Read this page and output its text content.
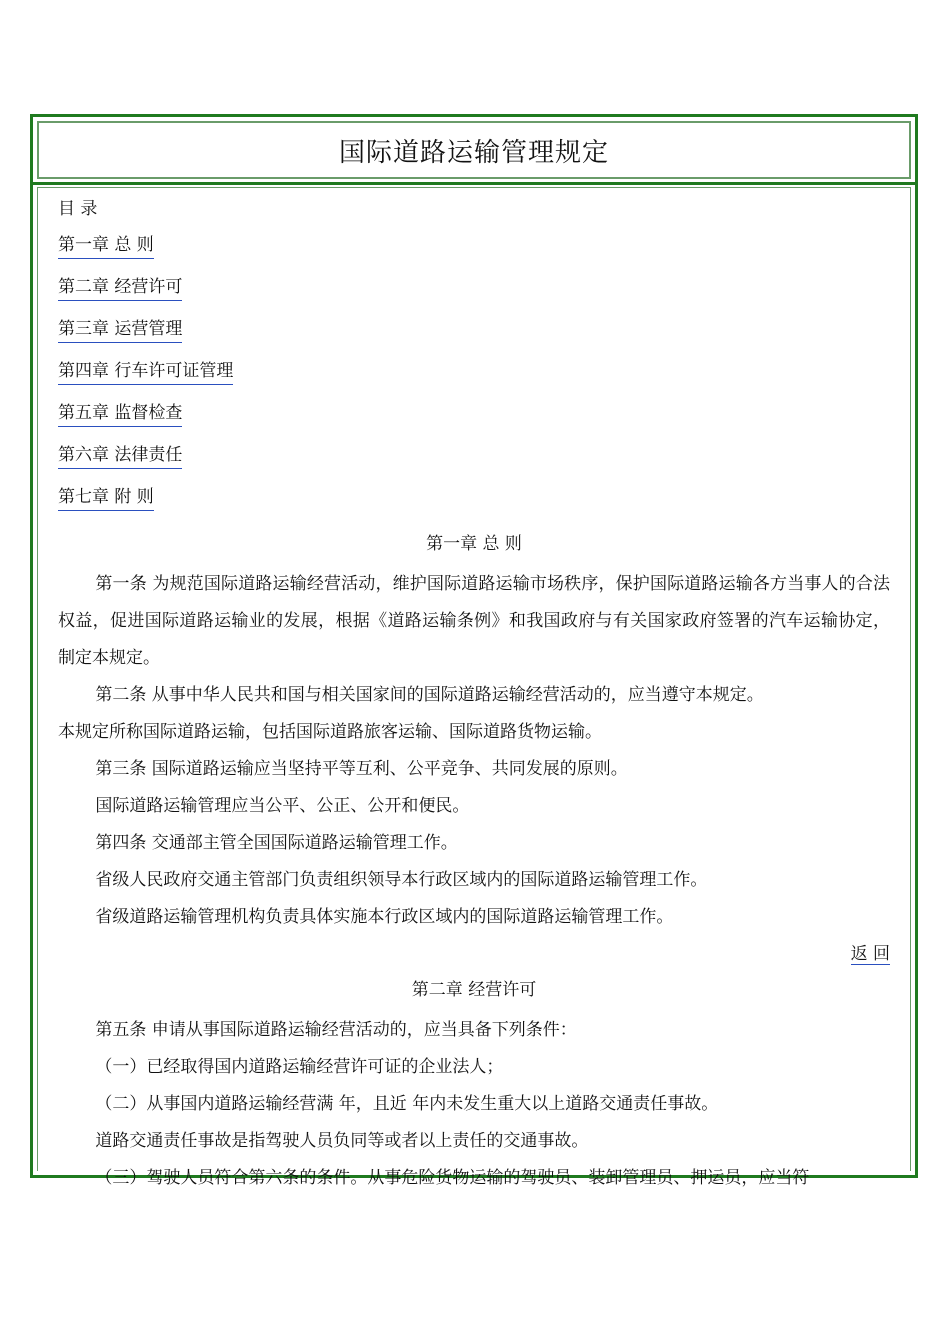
国际道路运输管理规定
目 录
第一章 总 则
第二章 经营许可
第三章 运营管理
第四章 行车许可证管理
第五章 监督检查
第六章 法律责任
第七章 附 则
第一章 总 则

第一条 为规范国际道路运输经营活动，维护国际道路运输市场秩序，保护国际道路运输各方当事人的合法权益，促进国际道路运输业的发展，根据《道路运输条例》和我国政府与有关国家政府签署的汽车运输协定，制定本规定。

第二条 从事中华人民共和国与相关国家间的国际道路运输经营活动的，应当遵守本规定。

本规定所称国际道路运输，包括国际道路旅客运输、国际道路货物运输。

第三条 国际道路运输应当坚持平等互利、公平竞争、共同发展的原则。

国际道路运输管理应当公平、公正、公开和便民。

第四条 交通部主管全国国际道路运输管理工作。

省级人民政府交通主管部门负责组织领导本行政区域内的国际道路运输管理工作。

省级道路运输管理机构负责具体实施本行政区域内的国际道路运输管理工作。

返 回
第二章 经营许可

第五条 申请从事国际道路运输经营活动的，应当具备下列条件：

（一）已经取得国内道路运输经营许可证的企业法人；

（二）从事国内道路运输经营满 年，且近 年内未发生重大以上道路交通责任事故。

道路交通责任事故是指驾驶人员负同等或者以上责任的交通事故。

（三）驾驶人员符合第六条的条件。从事危险货物运输的驾驶员、装卸管理员、押运员，应当符
